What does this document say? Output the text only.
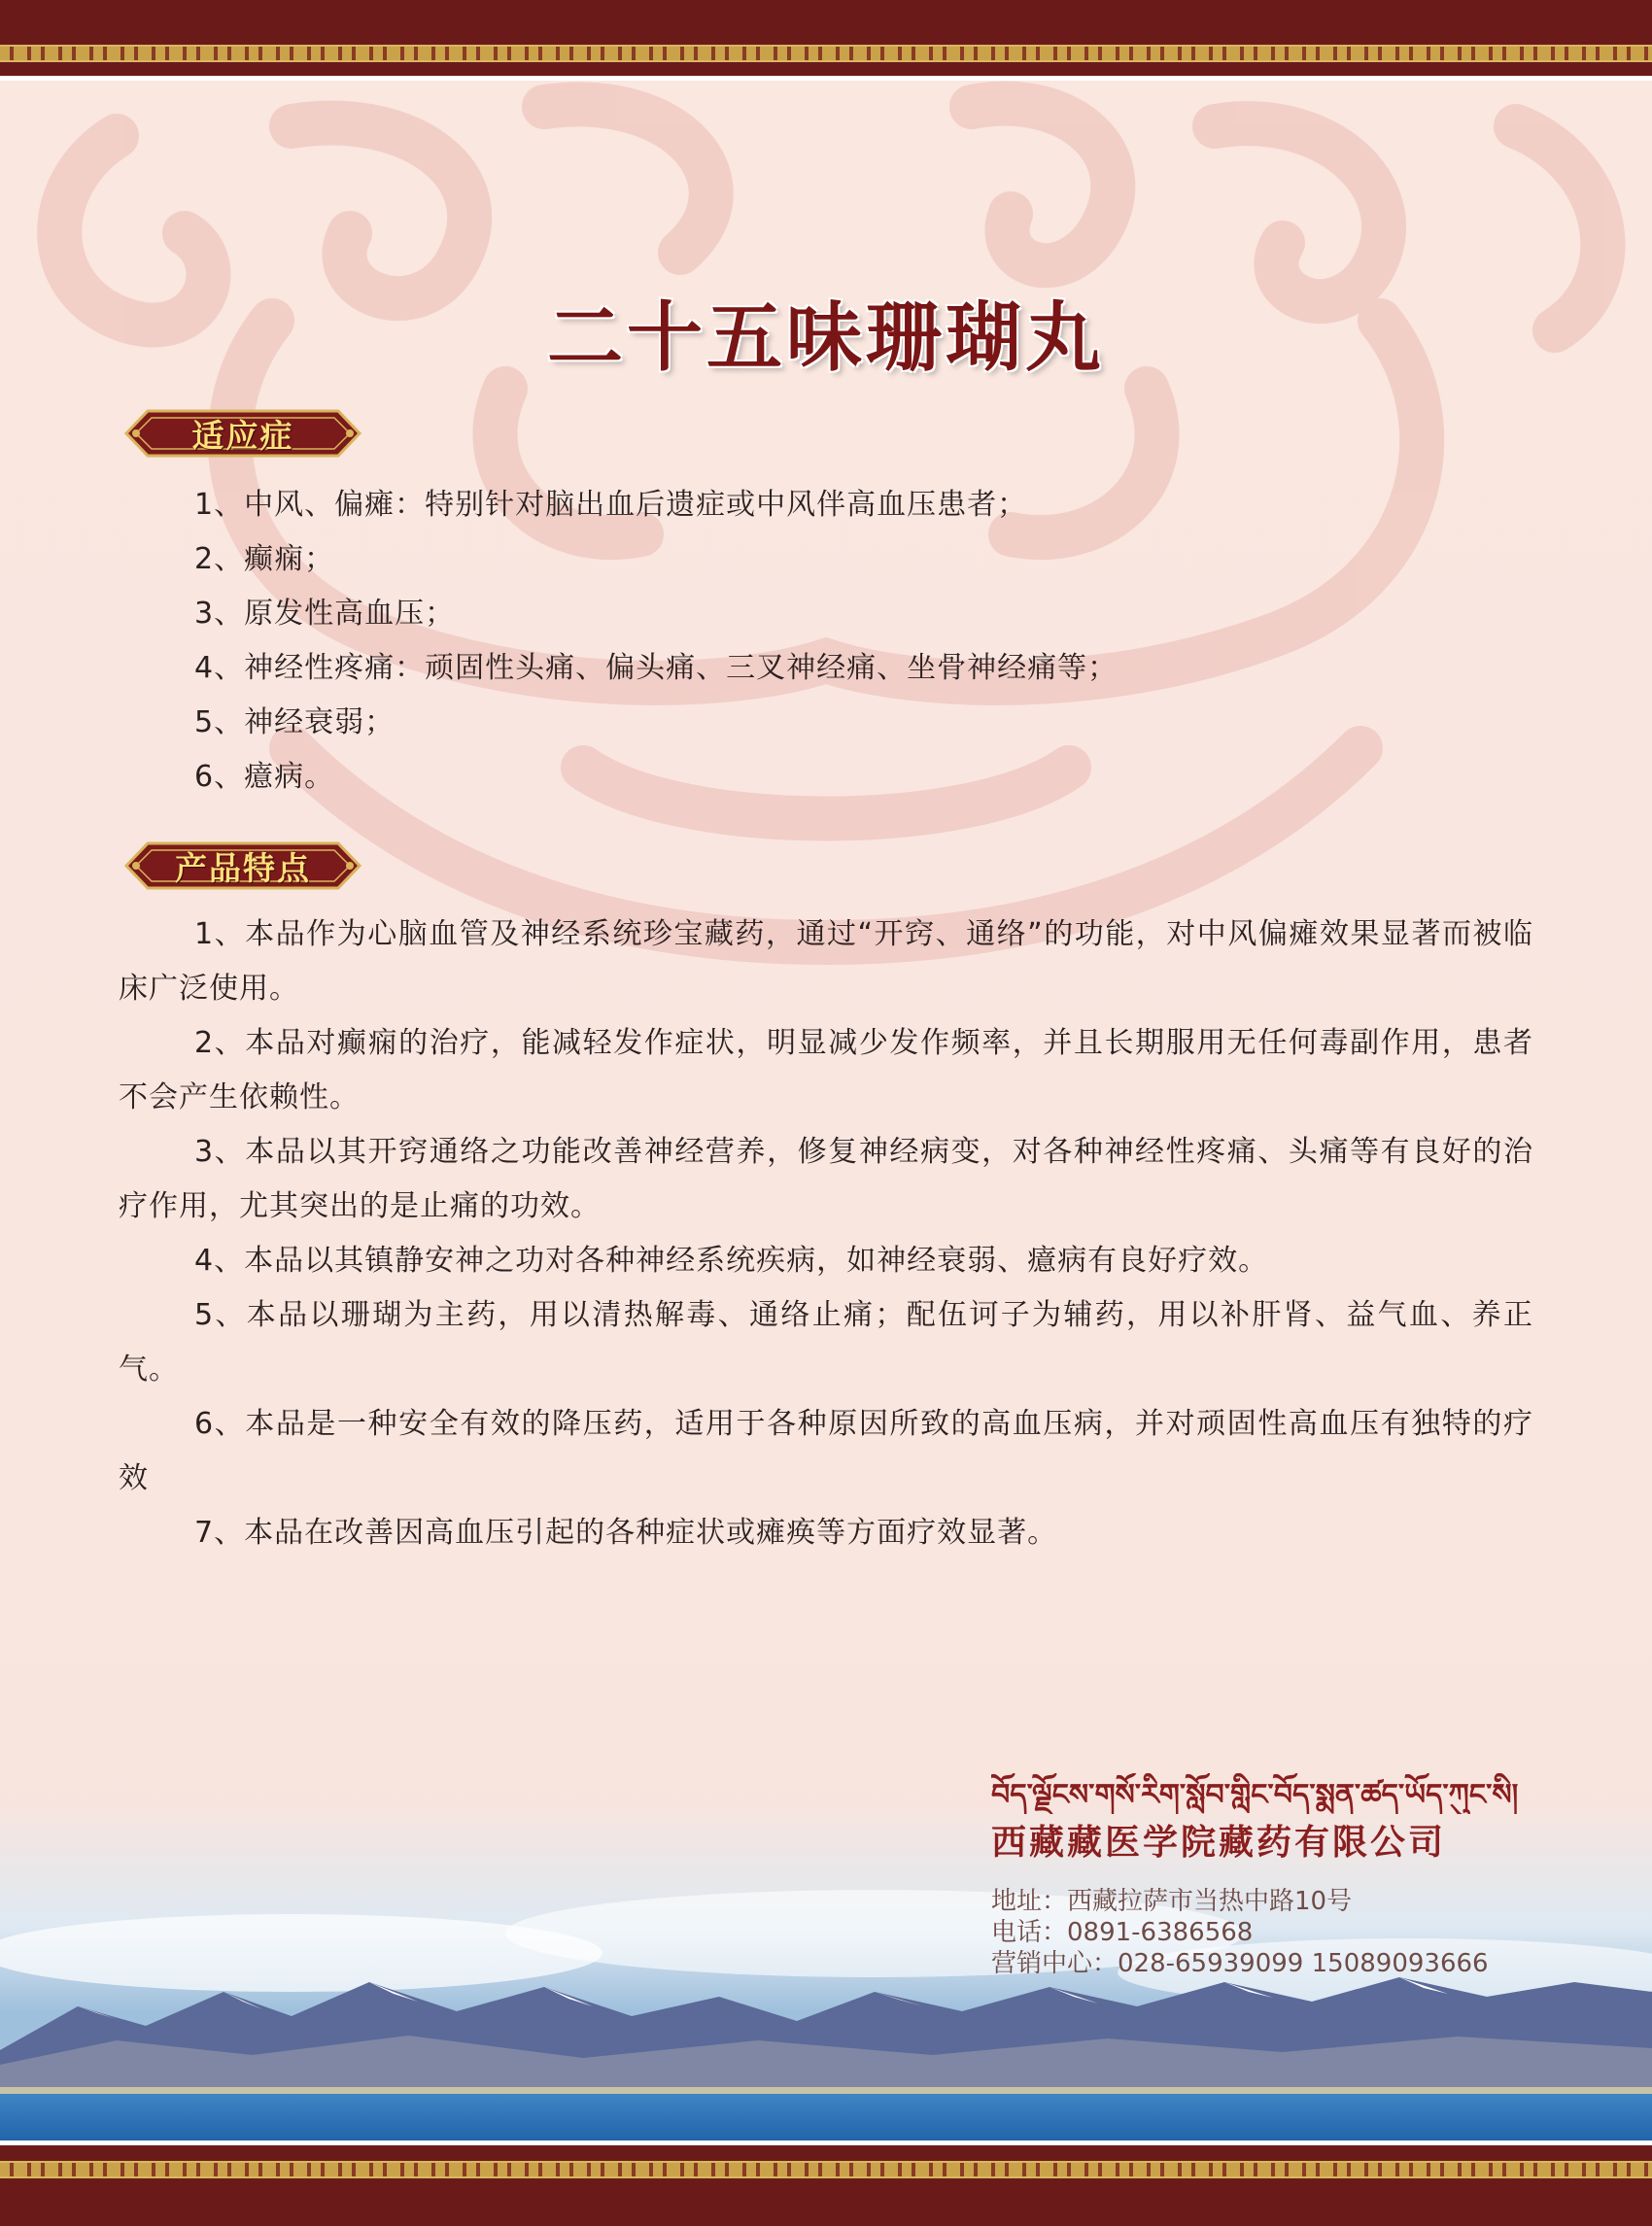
二十五味珊瑚丸
适应症
1、中风、偏瘫：特别针对脑出血后遗症或中风伴高血压患者；
2、癫痫；
3、原发性高血压；
4、神经性疼痛：顽固性头痛、偏头痛、三叉神经痛、坐骨神经痛等；
5、神经衰弱；
6、癔病。
产品特点

1、本品作为心脑血管及神经系统珍宝藏药，通过“开窍、通络”的功能，对中风偏瘫效果显著而被临床广泛使用。

2、本品对癫痫的治疗，能减轻发作症状，明显减少发作频率，并且长期服用无任何毒副作用，患者不会产生依赖性。

3、本品以其开窍通络之功能改善神经营养，修复神经病变，对各种神经性疼痛、头痛等有良好的治疗作用，尤其突出的是止痛的功效。

4、本品以其镇静安神之功对各种神经系统疾病，如神经衰弱、癔病有良好疗效。

5、本品以珊瑚为主药，用以清热解毒、通络止痛；配伍诃子为辅药，用以补肝肾、益气血、养正气。

6、本品是一种安全有效的降压药，适用于各种原因所致的高血压病，并对顽固性高血压有独特的疗效

7、本品在改善因高血压引起的各种症状或瘫痪等方面疗效显著。

བོད་ལྗོངས་གསོ་རིག་སློབ་གླིང་བོད་སྨན་ཚད་ཡོད་ཀུང་སི།
西藏藏医学院藏药有限公司
地址：西藏拉萨市当热中路10号
电话：0891-6386568
营销中心：028-65939099 15089093666
